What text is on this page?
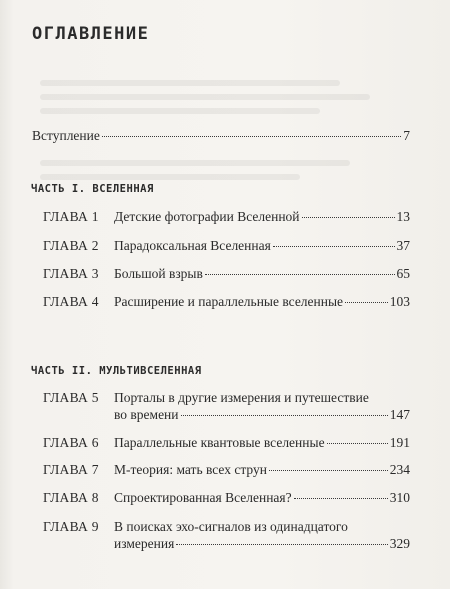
ОГЛАВЛЕНИЕ
Вступление	7
ЧАСТЬ I. ВСЕЛЕННАЯ
ГЛАВА 1	Детские фотографии Вселенной	13
ГЛАВА 2	Парадоксальная Вселенная	37
ГЛАВА 3	Большой взрыв	65
ГЛАВА 4	Расширение и параллельные вселенные	103
ЧАСТЬ II. МУЛЬТИВСЕЛЕННАЯ
ГЛАВА 5	Порталы в другие измерения и путешествие
во времени	147
ГЛАВА 6	Параллельные квантовые вселенные	191
ГЛАВА 7	М-теория: мать всех струн	234
ГЛАВА 8	Спроектированная Вселенная?	310
ГЛАВА 9	В поисках эхо-сигналов из одинадцатого
измерения	329
